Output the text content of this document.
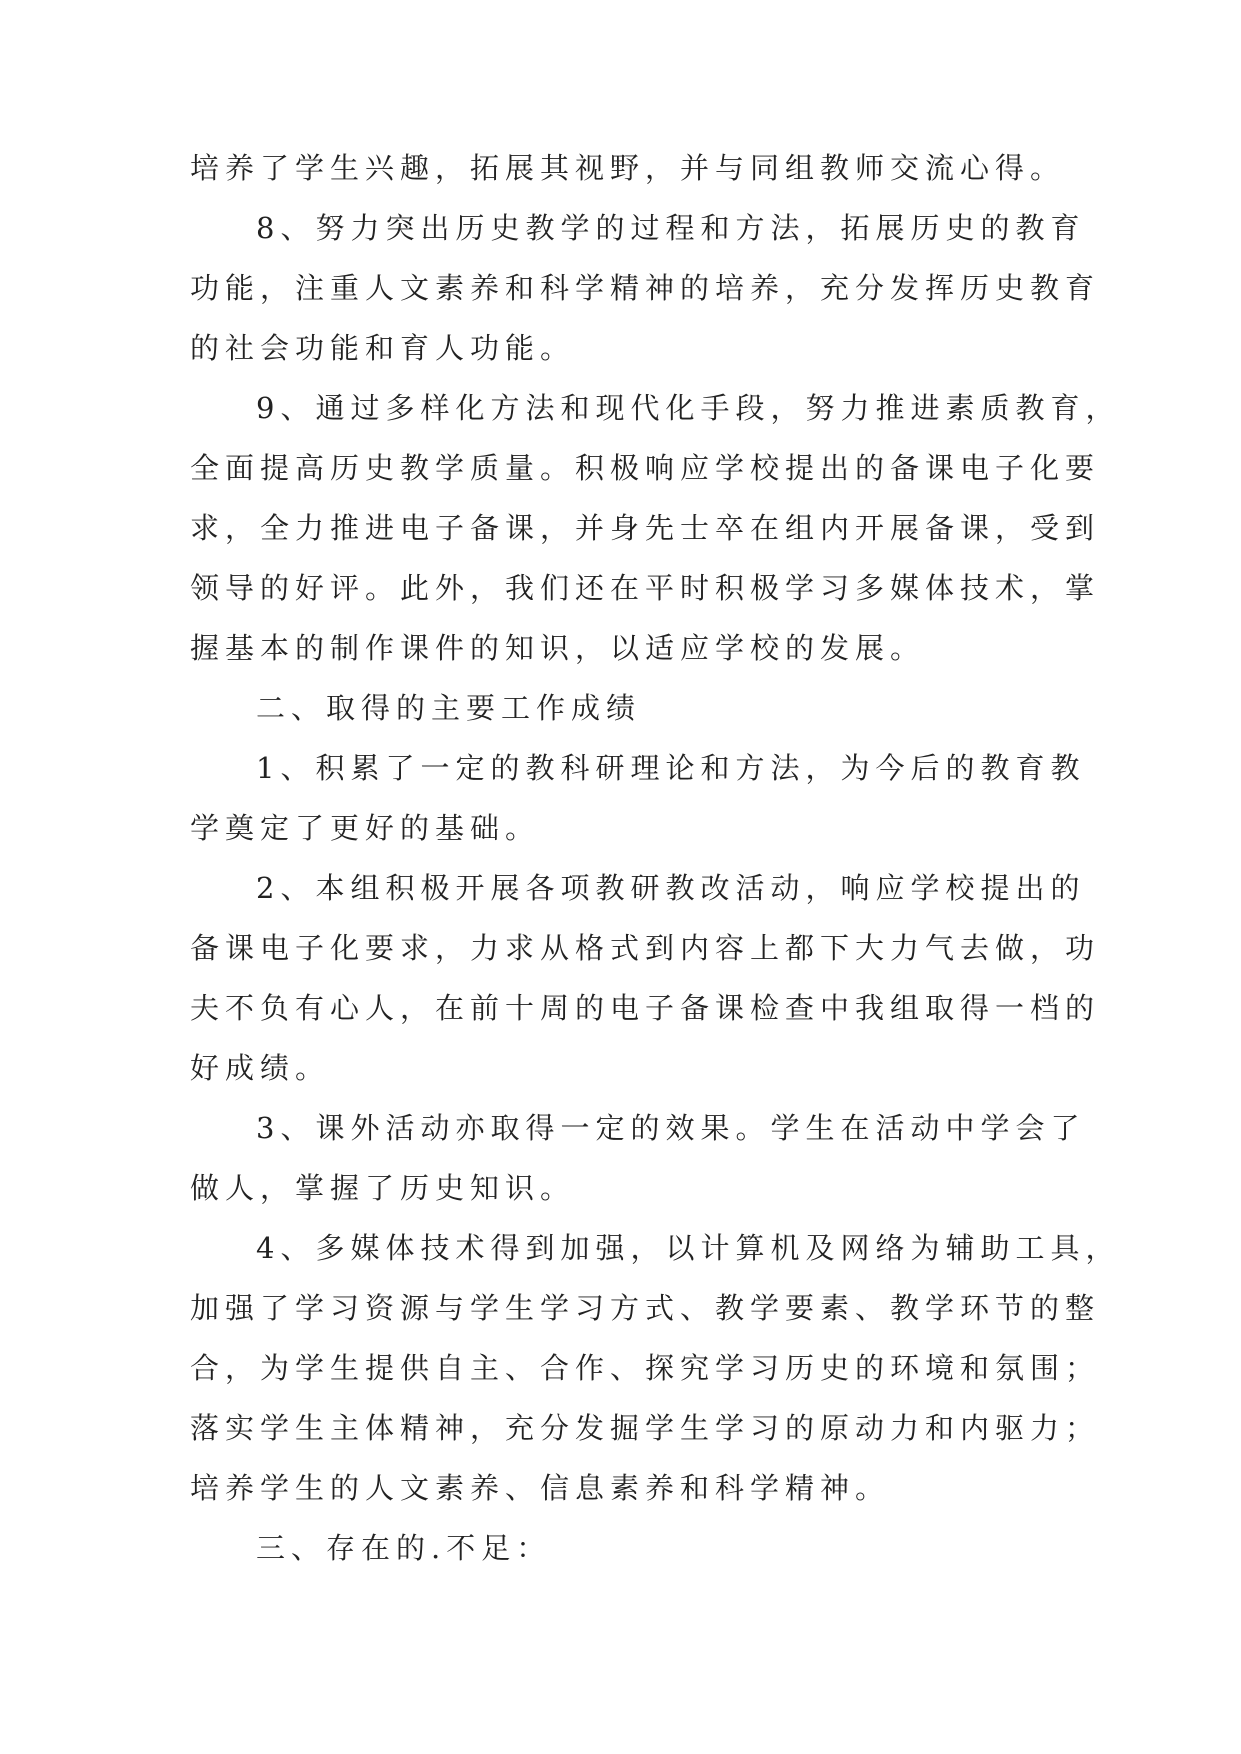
培养了学生兴趣，拓展其视野，并与同组教师交流心得。
8、努力突出历史教学的过程和方法，拓展历史的教育
功能，注重人文素养和科学精神的培养，充分发挥历史教育
的社会功能和育人功能。
9、通过多样化方法和现代化手段，努力推进素质教育，
全面提高历史教学质量。积极响应学校提出的备课电子化要
求，全力推进电子备课，并身先士卒在组内开展备课，受到
领导的好评。此外，我们还在平时积极学习多媒体技术，掌
握基本的制作课件的知识，以适应学校的发展。
二、取得的主要工作成绩
1、积累了一定的教科研理论和方法，为今后的教育教
学奠定了更好的基础。
2、本组积极开展各项教研教改活动，响应学校提出的
备课电子化要求，力求从格式到内容上都下大力气去做，功
夫不负有心人，在前十周的电子备课检查中我组取得一档的
好成绩。
3、课外活动亦取得一定的效果。学生在活动中学会了
做人，掌握了历史知识。
4、多媒体技术得到加强，以计算机及网络为辅助工具，
加强了学习资源与学生学习方式、教学要素、教学环节的整
合，为学生提供自主、合作、探究学习历史的环境和氛围；
落实学生主体精神，充分发掘学生学习的原动力和内驱力；
培养学生的人文素养、信息素养和科学精神。
三、存在的.不足：
